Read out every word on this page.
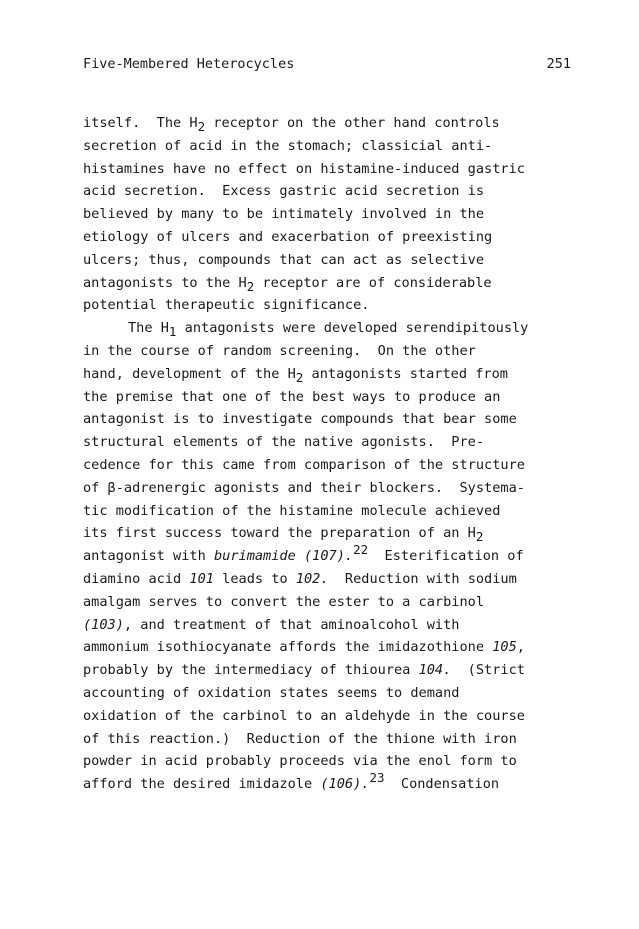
Five-Membered Heterocycles	251
itself.  The H2 receptor on the other hand controls
secretion of acid in the stomach; classicial anti-
histamines have no effect on histamine-induced gastric
acid secretion.  Excess gastric acid secretion is
believed by many to be intimately involved in the
etiology of ulcers and exacerbation of preexisting
ulcers; thus, compounds that can act as selective
antagonists to the H2 receptor are of considerable
potential therapeutic significance.
The H1 antagonists were developed serendipitously
in the course of random screening.  On the other
hand, development of the H2 antagonists started from
the premise that one of the best ways to produce an
antagonist is to investigate compounds that bear some
structural elements of the native agonists.  Pre-
cedence for this came from comparison of the structure
of β-adrenergic agonists and their blockers.  Systema-
tic modification of the histamine molecule achieved
its first success toward the preparation of an H2
antagonist with burimamide (107).22  Esterification of
diamino acid 101 leads to 102.  Reduction with sodium
amalgam serves to convert the ester to a carbinol
(103), and treatment of that aminoalcohol with
ammonium isothiocyanate affords the imidazothione 105,
probably by the intermediacy of thiourea 104.  (Strict
accounting of oxidation states seems to demand
oxidation of the carbinol to an aldehyde in the course
of this reaction.)  Reduction of the thione with iron
powder in acid probably proceeds via the enol form to
afford the desired imidazole (106).23  Condensation
